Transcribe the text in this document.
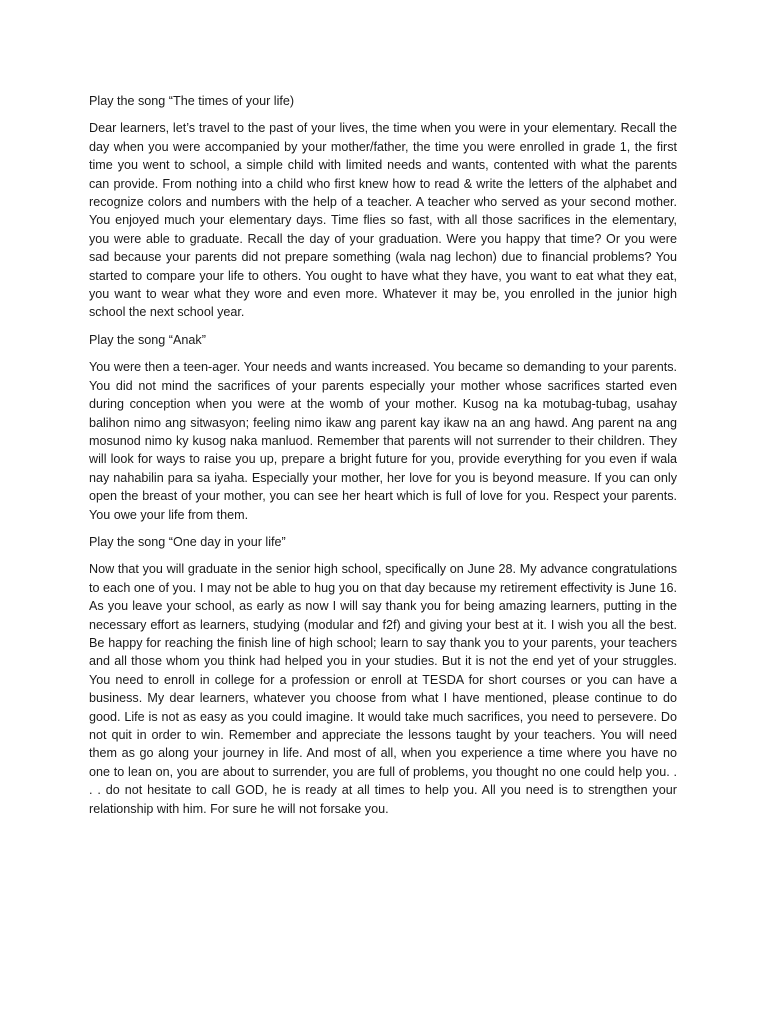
Play the song “The times of your life)

Dear learners, let’s travel to the past of your lives, the time when you were in your elementary. Recall the day when you were accompanied by your mother/father, the time you were enrolled in grade 1, the first time you went to school, a simple child with limited needs and wants, contented with what the parents can provide. From nothing into a child who first knew how to read & write the letters of the alphabet and recognize colors and numbers with the help of a teacher. A teacher who served as your second mother. You enjoyed much your elementary days. Time flies so fast, with all those sacrifices in the elementary, you were able to graduate. Recall the day of your graduation. Were you happy that time? Or you were sad because your parents did not prepare something (wala nag lechon) due to financial problems? You started to compare your life to others. You ought to have what they have, you want to eat what they eat, you want to wear what they wore and even more. Whatever it may be, you enrolled in the junior high school the next school year.

Play the song “Anak”

You were then a teen-ager. Your needs and wants increased. You became so demanding to your parents. You did not mind the sacrifices of your parents especially your mother whose sacrifices started even during conception when you were at the womb of your mother. Kusog na ka motubag-tubag, usahay balihon nimo ang sitwasyon; feeling nimo ikaw ang parent kay ikaw na an ang hawd. Ang parent na ang mosunod nimo ky kusog naka manluod. Remember that parents will not surrender to their children. They will look for ways to raise you up, prepare a bright future for you, provide everything for you even if wala nay nahabilin para sa iyaha. Especially your mother, her love for you is beyond measure. If you can only open the breast of your mother, you can see her heart which is full of love for you. Respect your parents. You owe your life from them.

Play the song “One day in your life”

Now that you will graduate in the senior high school, specifically on June 28. My advance congratulations to each one of you. I may not be able to hug you on that day because my retirement effectivity is June 16. As you leave your school, as early as now I will say thank you for being amazing learners, putting in the necessary effort as learners, studying (modular and f2f) and giving your best at it. I wish you all the best. Be happy for reaching the finish line of high school; learn to say thank you to your parents, your teachers and all those whom you think had helped you in your studies. But it is not the end yet of your struggles. You need to enroll in college for a profession or enroll at TESDA for short courses or you can have a business. My dear learners, whatever you choose from what I have mentioned, please continue to do good. Life is not as easy as you could imagine. It would take much sacrifices, you need to persevere. Do not quit in order to win. Remember and appreciate the lessons taught by your teachers. You will need them as go along your journey in life. And most of all, when you experience a time where you have no one to lean on, you are about to surrender, you are full of problems, you thought no one could help you. . . . do not hesitate to call GOD, he is ready at all times to help you. All you need is to strengthen your relationship with him. For sure he will not forsake you.
